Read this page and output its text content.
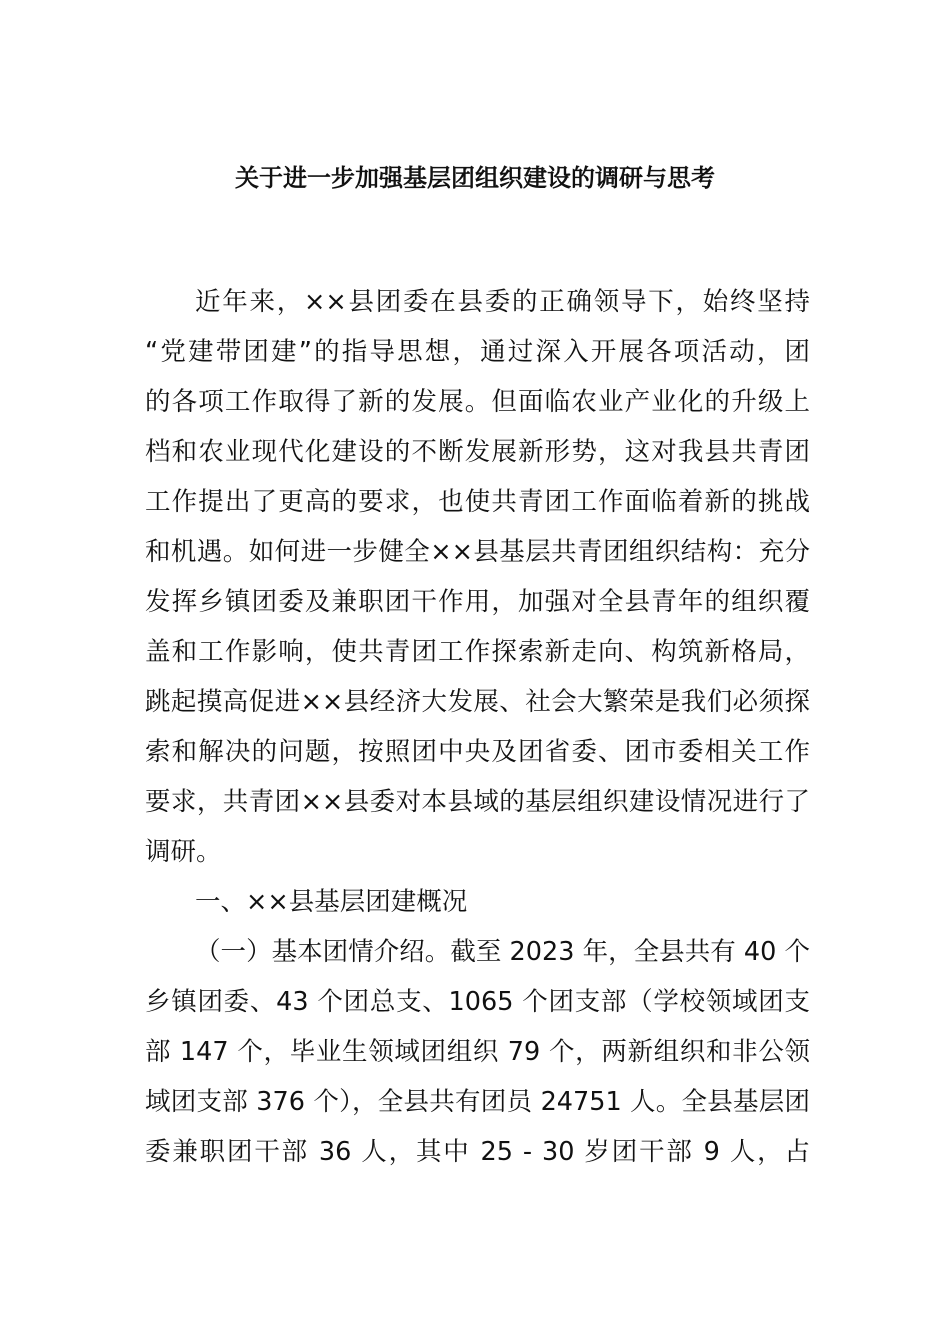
关于进一步加强基层团组织建设的调研与思考
近年来，××县团委在县委的正确领导下，始终坚持
“党建带团建”的指导思想，通过深入开展各项活动，团
的各项工作取得了新的发展。但面临农业产业化的升级上
档和农业现代化建设的不断发展新形势，这对我县共青团
工作提出了更高的要求，也使共青团工作面临着新的挑战
和机遇。如何进一步健全××县基层共青团组织结构：充分
发挥乡镇团委及兼职团干作用，加强对全县青年的组织覆
盖和工作影响，使共青团工作探索新走向、构筑新格局，
跳起摸高促进××县经济大发展、社会大繁荣是我们必须探
索和解决的问题，按照团中央及团省委、团市委相关工作
要求，共青团××县委对本县域的基层组织建设情况进行了
调研。
一、××县基层团建概况
（一）基本团情介绍。截至 2023 年，全县共有 40 个
乡镇团委、43 个团总支、1065 个团支部（学校领域团支
部 147 个，毕业生领域团组织 79 个，两新组织和非公领
域团支部 376 个），全县共有团员 24751 人。全县基层团
委兼职团干部 36 人，其中 25 - 30 岁团干部 9 人，占
